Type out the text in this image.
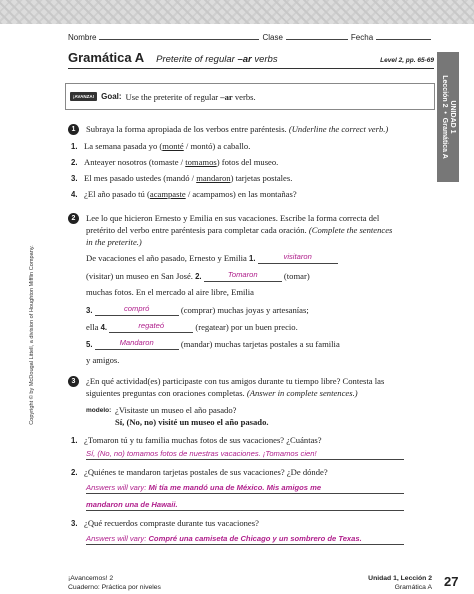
Nombre	Clase	Fecha
Gramática A Preterite of regular –ar verbs	Level 2, pp. 65-69
UNIDAD 1
Lección 2  •  Gramática A
¡AVANZA! Goal: Use the preterite of regular –ar verbs.
1	Subraya la forma apropiada de los verbos entre paréntesis. (Underline the correct verb.)
1. La semana pasada yo (monté / montó) a caballo.
2. Anteayer nosotros (tomaste / tomamos) fotos del museo.
3. El mes pasado ustedes (mandó / mandaron) tarjetas postales.
4. ¿El año pasado tú (acampaste / acampamos) en las montañas?
2	Lee lo que hicieron Ernesto y Emilia en sus vacaciones. Escribe la forma correcta del
pretérito del verbo entre paréntesis para completar cada oración. (Complete the sentences
in the preterite.)
De vacaciones el año pasado, Ernesto y Emilia 1.	visitaron
(visitar) un museo en San José. 2.	Tomaron	(tomar)
muchas fotos. En el mercado al aire libre, Emilia
3.	compró	(comprar) muchas joyas y artesanías;
ella 4.	regateó	(regatear) por un buen precio.
5.	Mandaron	(mandar) muchas tarjetas postales a su familia
y amigos.
3	¿En qué actividad(es) participaste con tus amigos durante tu tiempo libre? Contesta las
siguientes preguntas con oraciones completas. (Answer in complete sentences.)
modelo: ¿Visitaste un museo el año pasado?
Sí, (No, no) visité un museo el año pasado.
1. ¿Tomaron tú y tu familia muchas fotos de sus vacaciones? ¿Cuántas?
Sí, (No, no) tomamos fotos de nuestras vacaciones. ¡Tomamos cien!
2. ¿Quiénes te mandaron tarjetas postales de sus vacaciones? ¿De dónde?
Answers will vary: Mi tía me mandó una de México. Mis amigos me
mandaron una de Hawaii.
3. ¿Qué recuerdos compraste durante tus vacaciones?
Answers will vary: Compré una camiseta de Chicago y un sombrero de Texas.
Copyright © by McDougal Littell, a division of Houghton Mifflin Company.
¡Avancemos! 2
Cuaderno: Práctica por niveles
Unidad 1, Lección 2
Gramática A 27
